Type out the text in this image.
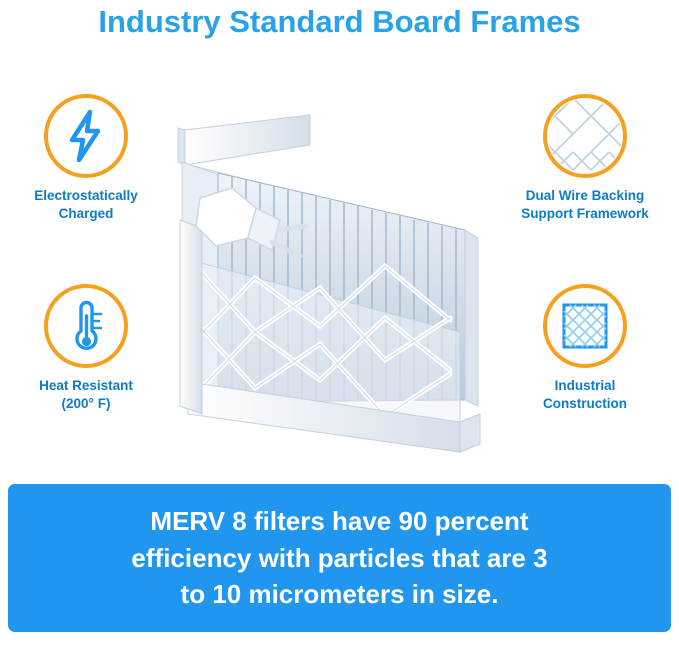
Industry Standard Board Frames
Electrostatically
Charged
Heat Resistant
(200° F)
Dual Wire Backing
Support Framework
Industrial
Construction
MERV 8 filters have 90 percent
efficiency with particles that are 3
to 10 micrometers in size.
